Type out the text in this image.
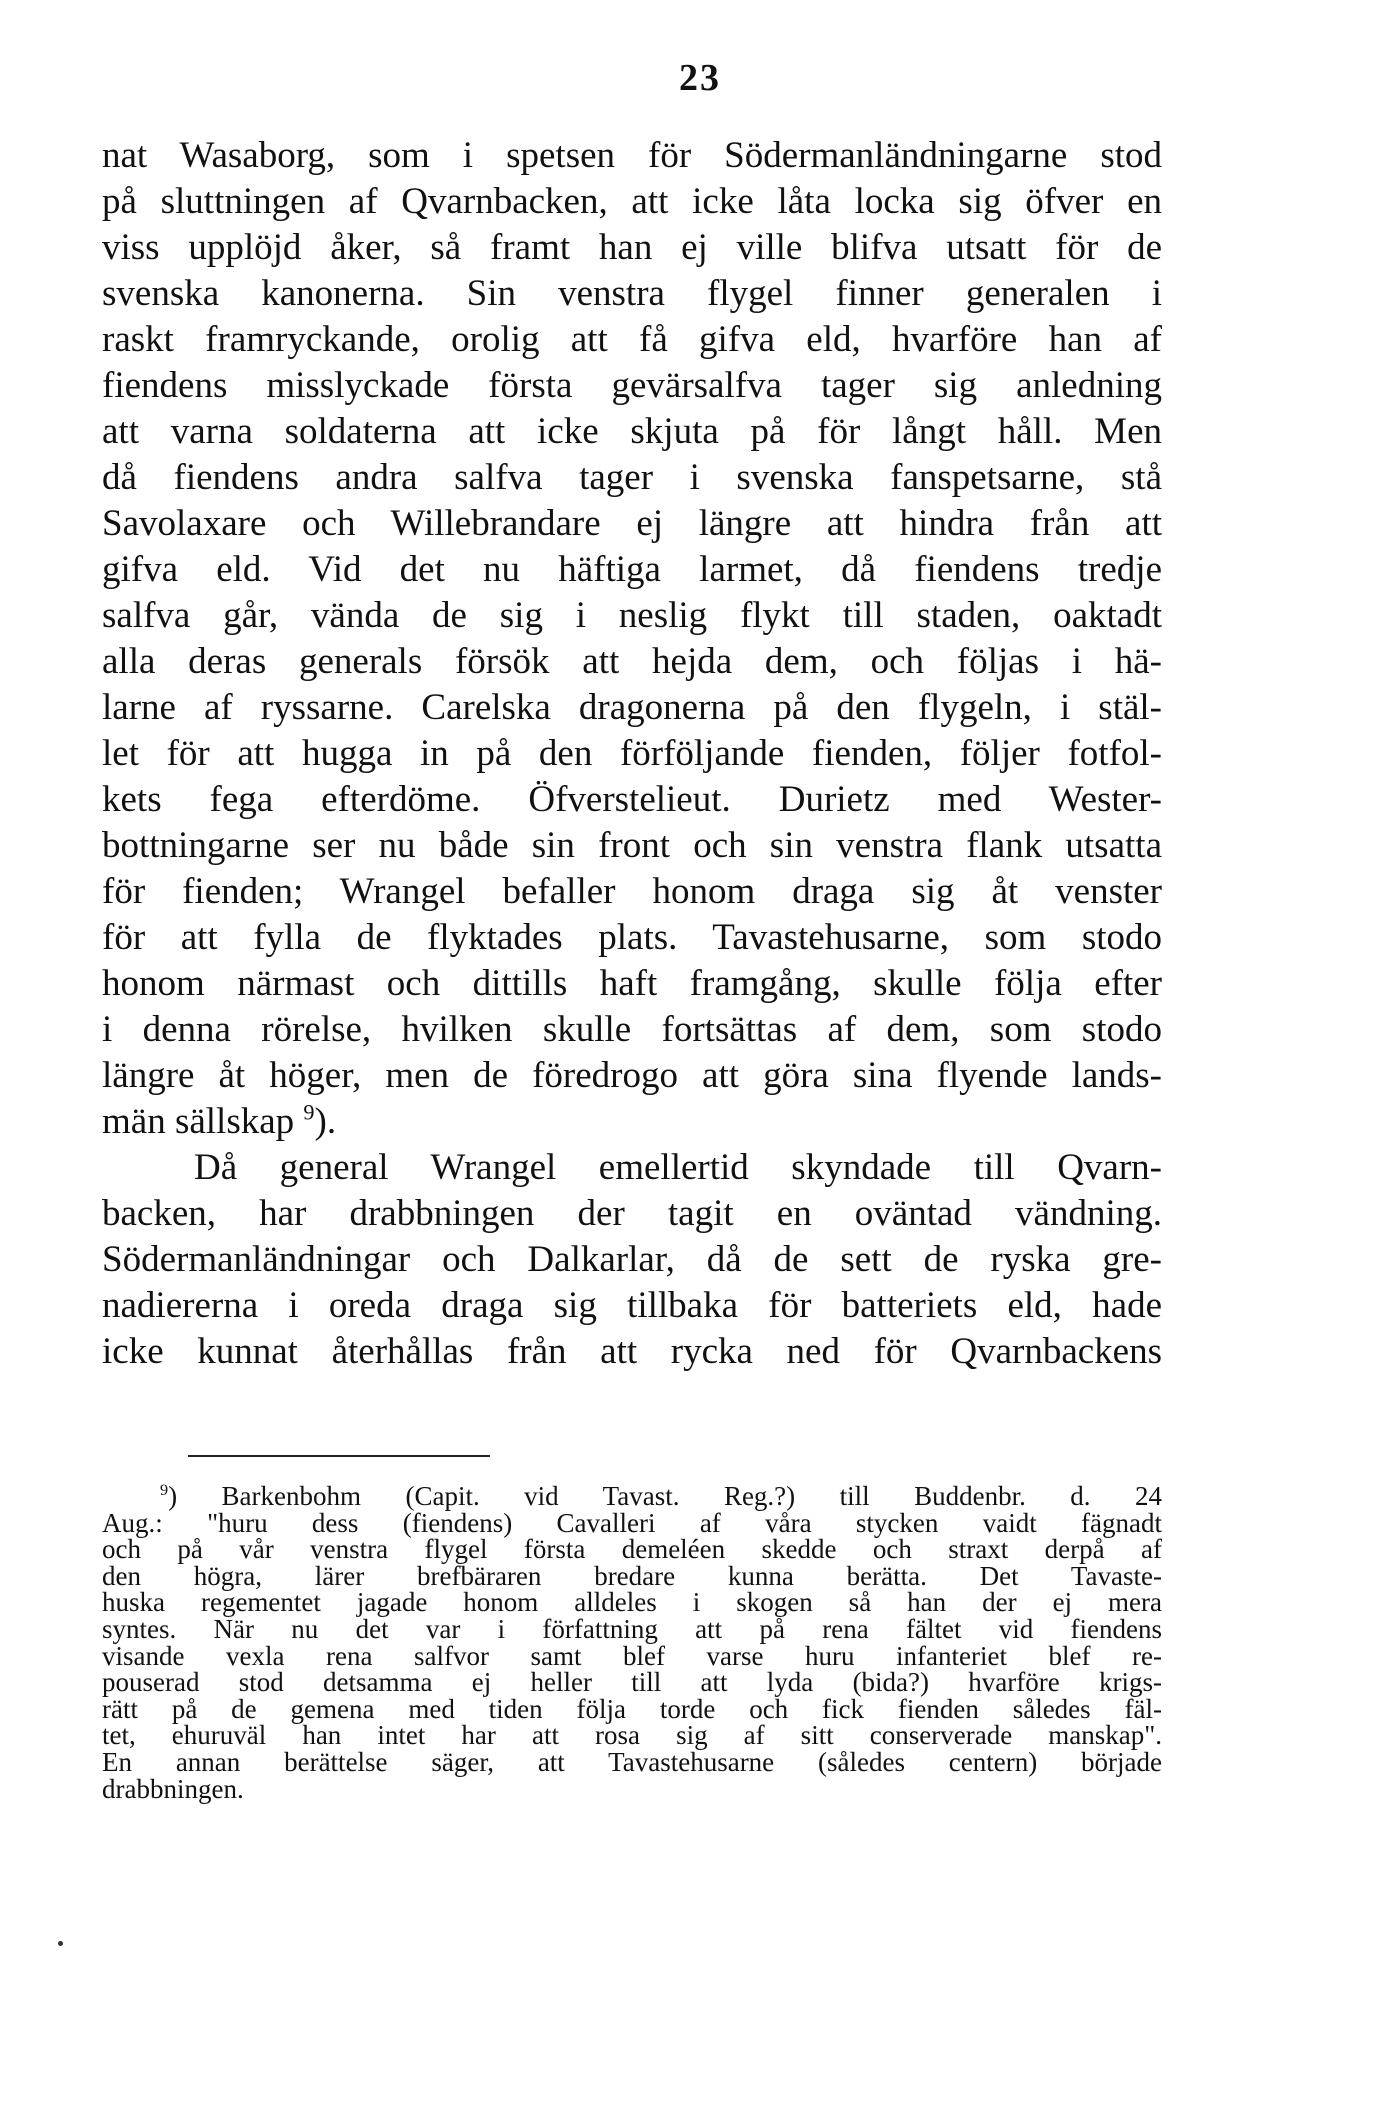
23
nat Wasaborg, som i spetsen för Södermanländningarne stod
på sluttningen af Qvarnbacken, att icke låta locka sig öfver en
viss upplöjd åker, så framt han ej ville blifva utsatt för de
svenska kanonerna. Sin venstra flygel finner generalen i
raskt framryckande, orolig att få gifva eld, hvarföre han af
fiendens misslyckade första gevärsalfva tager sig anledning
att varna soldaterna att icke skjuta på för långt håll. Men
då fiendens andra salfva tager i svenska fanspetsarne, stå
Savolaxare och Willebrandare ej längre att hindra från att
gifva eld. Vid det nu häftiga larmet, då fiendens tredje
salfva går, vända de sig i neslig flykt till staden, oaktadt
alla deras generals försök att hejda dem, och följas i hä-
larne af ryssarne. Carelska dragonerna på den flygeln, i stäl-
let för att hugga in på den förföljande fienden, följer fotfol-
kets fega efterdöme. Öfverstelieut. Durietz med Wester-
bottningarne ser nu både sin front och sin venstra flank utsatta
för fienden; Wrangel befaller honom draga sig åt venster
för att fylla de flyktades plats. Tavastehusarne, som stodo
honom närmast och dittills haft framgång, skulle följa efter
i denna rörelse, hvilken skulle fortsättas af dem, som stodo
längre åt höger, men de föredrogo att göra sina flyende lands-
män sällskap $^9$).
Då general Wrangel emellertid skyndade till Qvarn-
backen, har drabbningen der tagit en oväntad vändning.
Södermanländningar och Dalkarlar, då de sett de ryska gre-
nadiererna i oreda draga sig tillbaka för batteriets eld, hade
icke kunnat återhållas från att rycka ned för Qvarnbackens
$^9$) Barkenbohm (Capit. vid Tavast. Reg.?) till Buddenbr. d. 24
Aug.: "huru dess (fiendens) Cavalleri af våra stycken vaidt fägnadt
och på vår venstra flygel första demeléen skedde och straxt derpå af
den högra, lärer brefbäraren bredare kunna berätta. Det Tavaste-
huska regementet jagade honom alldeles i skogen så han der ej mera
syntes. När nu det var i författning att på rena fältet vid fiendens
visande vexla rena salfvor samt blef varse huru infanteriet blef re-
pouserad stod detsamma ej heller till att lyda (bida?) hvarföre krigs-
rätt på de gemena med tiden följa torde och fick fienden således fäl-
tet, ehuruväl han intet har att rosa sig af sitt conserverade manskap".
En annan berättelse säger, att Tavastehusarne (således centern) började
drabbningen.
